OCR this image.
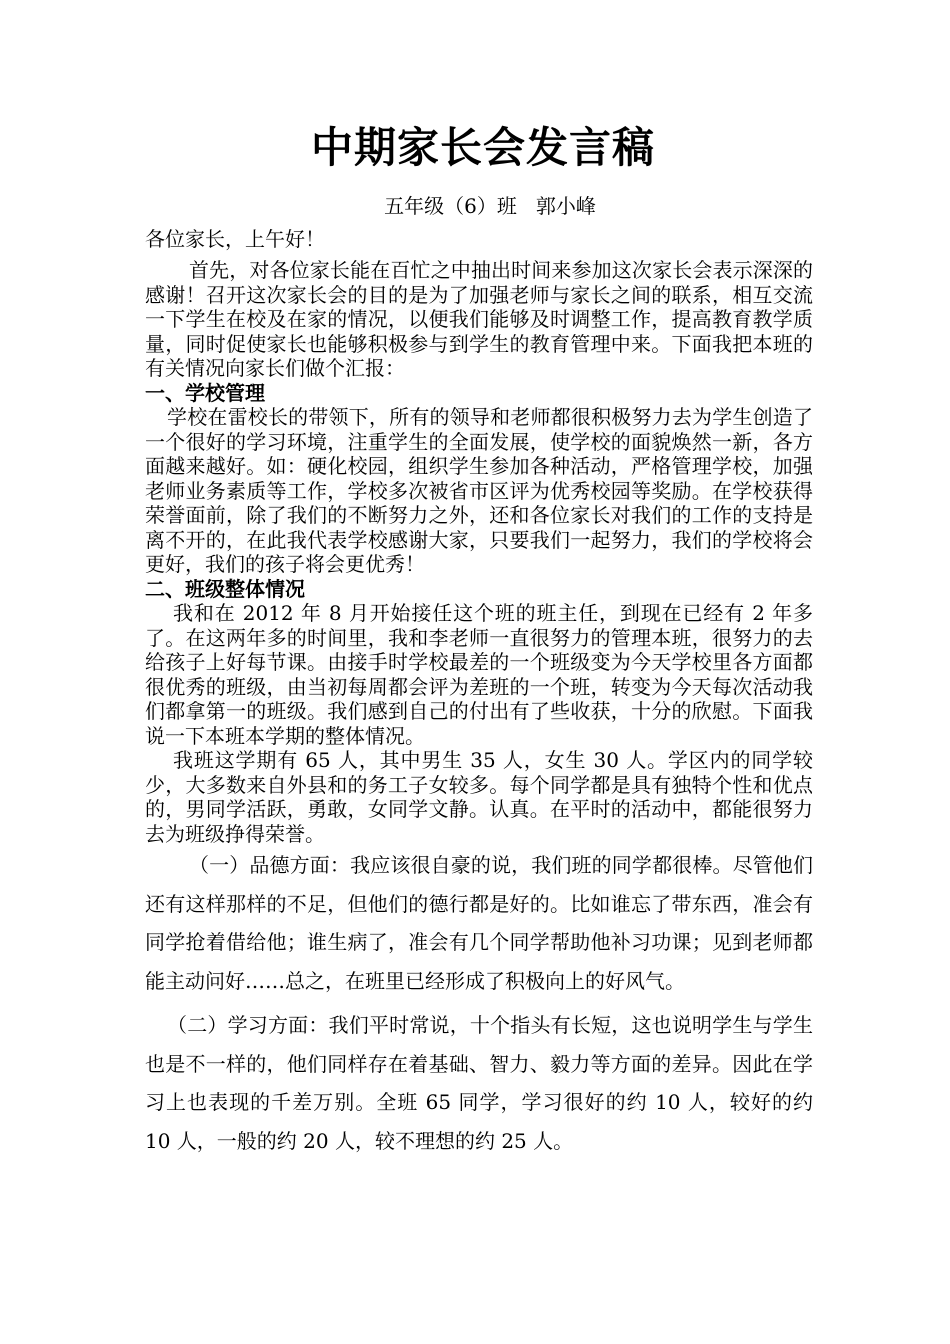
中期家长会发言稿
五年级（6）班   郭小峰
各位家长，上午好！

首先，对各位家长能在百忙之中抽出时间来参加这次家长会表示深深的感谢！召开这次家长会的目的是为了加强老师与家长之间的联系，相互交流一下学生在校及在家的情况，以便我们能够及时调整工作，提高教育教学质量，同时促使家长也能够积极参与到学生的教育管理中来。下面我把本班的有关情况向家长们做个汇报：

一、学校管理

学校在雷校长的带领下，所有的领导和老师都很积极努力去为学生创造了一个很好的学习环境，注重学生的全面发展，使学校的面貌焕然一新，各方面越来越好。如：硬化校园，组织学生参加各种活动，严格管理学校，加强老师业务素质等工作，学校多次被省市区评为优秀校园等奖励。在学校获得荣誉面前，除了我们的不断努力之外，还和各位家长对我们的工作的支持是离不开的，在此我代表学校感谢大家，只要我们一起努力，我们的学校将会更好，我们的孩子将会更优秀！

二、班级整体情况

我和在 2012 年 8 月开始接任这个班的班主任，到现在已经有 2 年多了。在这两年多的时间里，我和李老师一直很努力的管理本班，很努力的去给孩子上好每节课。由接手时学校最差的一个班级变为今天学校里各方面都很优秀的班级，由当初每周都会评为差班的一个班，转变为今天每次活动我们都拿第一的班级。我们感到自己的付出有了些收获，十分的欣慰。下面我说一下本班本学期的整体情况。

我班这学期有 65 人，其中男生 35 人，女生 30 人。学区内的同学较少，大多数来自外县和的务工子女较多。每个同学都是具有独特个性和优点的，男同学活跃，勇敢，女同学文静。认真。在平时的活动中，都能很努力去为班级挣得荣誉。

（一）品德方面：我应该很自豪的说，我们班的同学都很棒。尽管他们还有这样那样的不足，但他们的德行都是好的。比如谁忘了带东西，准会有同学抢着借给他；谁生病了，准会有几个同学帮助他补习功课；见到老师都能主动问好……总之，在班里已经形成了积极向上的好风气。

（二）学习方面：我们平时常说，十个指头有长短，这也说明学生与学生也是不一样的，他们同样存在着基础、智力、毅力等方面的差异。因此在学习上也表现的千差万别。全班 65 同学，学习很好的约 10 人，较好的约 10 人，一般的约 20 人，较不理想的约 25 人。
